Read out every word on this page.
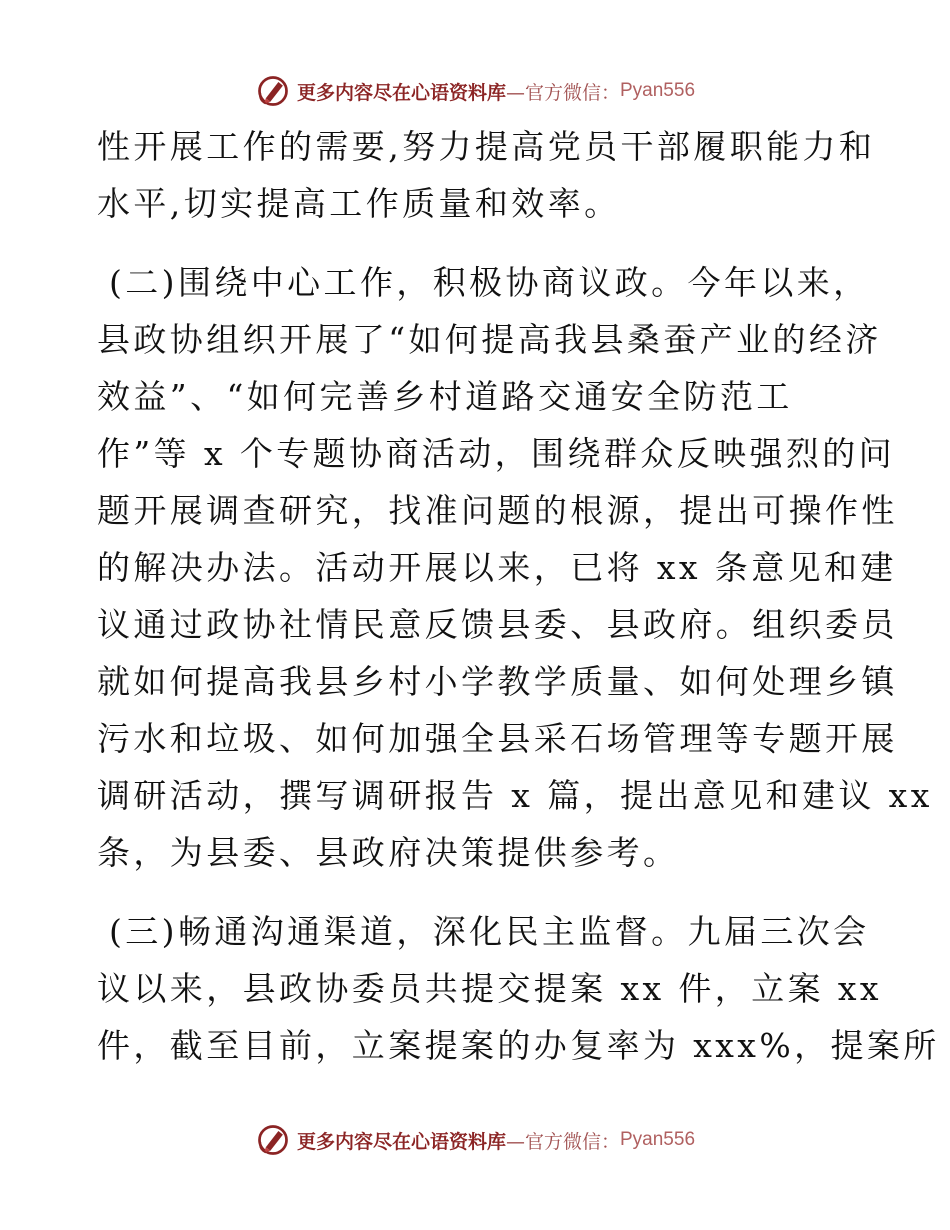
更多内容尽在心语资料库 —官方微信： Pyan556
性开展工作的需要,努力提高党员干部履职能力和
水平,切实提高工作质量和效率。
(二)围绕中心工作，积极协商议政。今年以来，
县政协组织开展了“如何提高我县桑蚕产业的经济
效益”、“如何完善乡村道路交通安全防范工
作”等 x 个专题协商活动，围绕群众反映强烈的问
题开展调查研究，找准问题的根源，提出可操作性
的解决办法。活动开展以来，已将 xx 条意见和建
议通过政协社情民意反馈县委、县政府。组织委员
就如何提高我县乡村小学教学质量、如何处理乡镇
污水和垃圾、如何加强全县采石场管理等专题开展
调研活动，撰写调研报告 x 篇，提出意见和建议 xx
条，为县委、县政府决策提供参考。
(三)畅通沟通渠道，深化民主监督。九届三次会
议以来，县政协委员共提交提案 xx 件，立案 xx
件，截至目前，立案提案的办复率为 xxx%，提案所
更多内容尽在心语资料库 —官方微信： Pyan556
